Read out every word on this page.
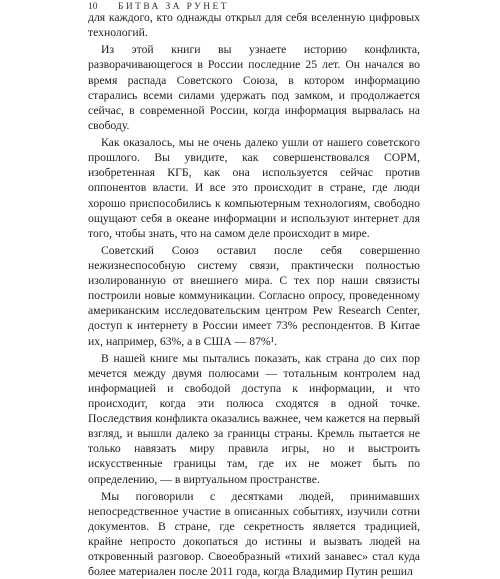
10 БИТВА ЗА РУНЕТ

для каждого, кто однажды открыл для себя вселенную цифровых технологий.

Из этой книги вы узнаете историю конфликта, разворачивающегося в России последние 25 лет. Он начался во время распада Советского Союза, в котором информацию старались всеми силами удержать под замком, и продолжается сейчас, в современной России, когда информация вырвалась на свободу.

Как оказалось, мы не очень далеко ушли от нашего советского прошлого. Вы увидите, как совершенствовался СОРМ, изобретенная КГБ, как она используется сейчас против оппонентов власти. И все это происходит в стране, где люди хорошо приспособились к компьютерным технологиям, свободно ощущают себя в океане информации и используют интернет для того, чтобы знать, что на самом деле происходит в мире.

Советский Союз оставил после себя совершенно нежизнеспособную систему связи, практически полностью изолированную от внешнего мира. С тех пор наши связисты построили новые коммуникации. Согласно опросу, проведенному американским исследовательским центром Pew Research Center, доступ к интернету в России имеет 73% респондентов. В Китае их, например, 63%, а в США — 87%¹.

В нашей книге мы пытались показать, как страна до сих пор мечется между двумя полюсами — тотальным контролем над информацией и свободой доступа к информации, и что происходит, когда эти полюса сходятся в одной точке. Последствия конфликта оказались важнее, чем кажется на первый взгляд, и вышли далеко за границы страны. Кремль пытается не только навязать миру правила игры, но и выстроить искусственные границы там, где их не может быть по определению, — в виртуальном пространстве.

Мы поговорили с десятками людей, принимавших непосредственное участие в описанных событиях, изучили сотни документов. В стране, где секретность является традицией, крайне непросто докопаться до истины и вызвать людей на откровенный разговор. Своеобразный «тихий занавес» стал куда более материален после 2011 года, когда Владимир Путин решил
